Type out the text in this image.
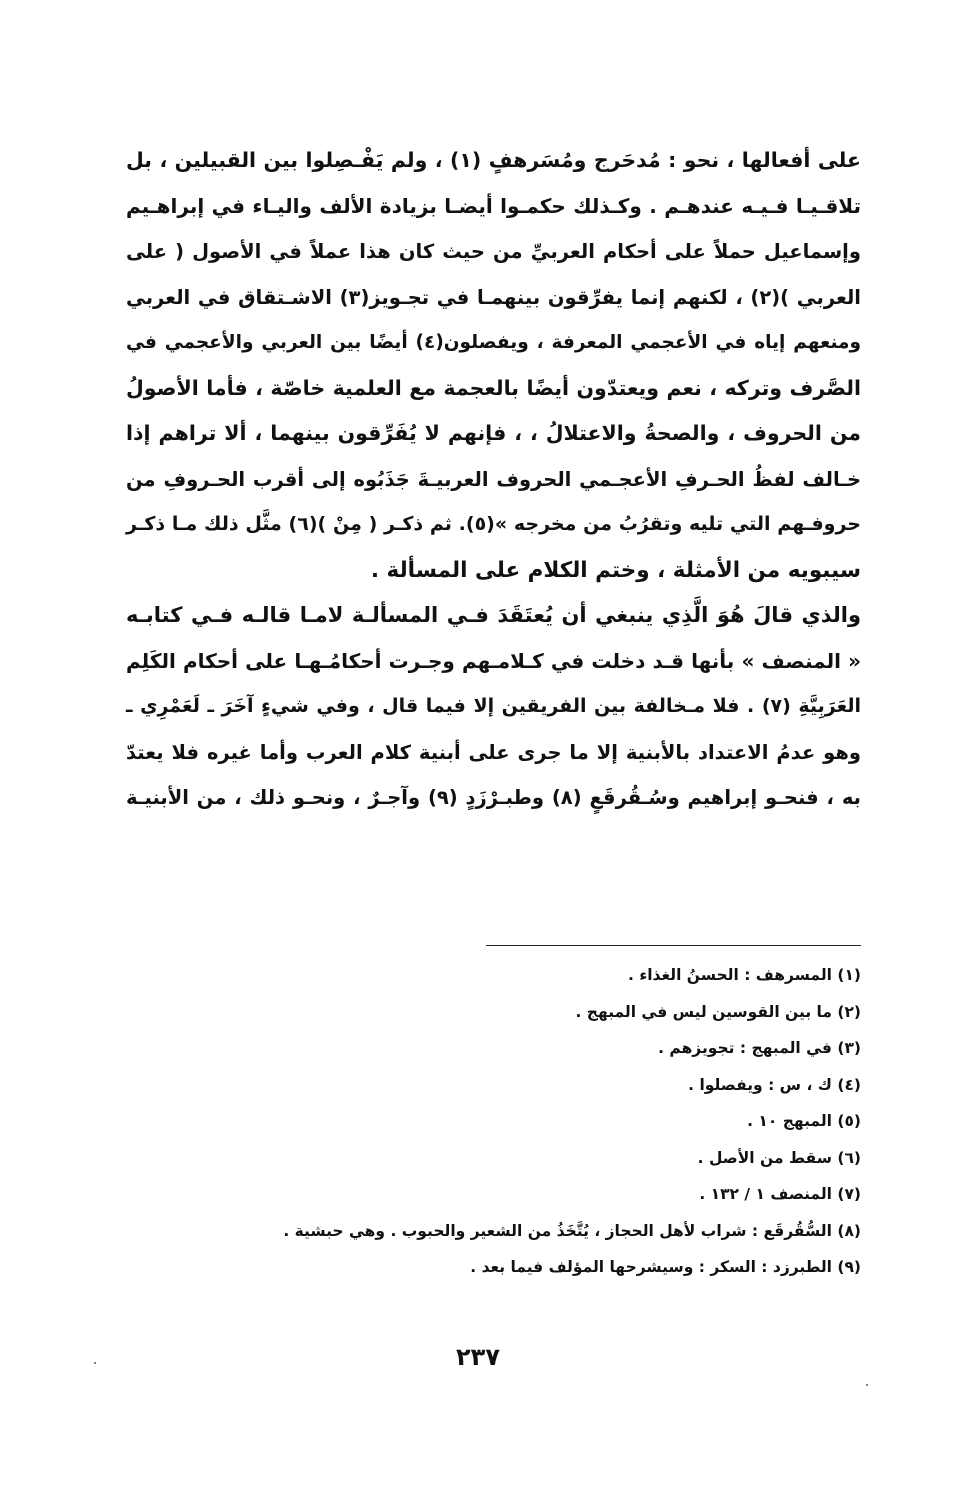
على أفعالها ، نحو : مُدحَرج ومُسَرهفٍ (١) ، ولم يَفْـصِلوا بين القبيلين ، بل
تلاقـيـا فـيـه عندهـم . وكـذلك حكمـوا أيضـا بزيادة الألف واليـاء في إبراهـيم
وإسماعيل حملاً على أحكام العربيِّ من حيث كان هذا عملاً في الأصول ( على
العربي )(٢) ، لكنهم إنما يفرِّقون بينهمـا في تجـويز(٣) الاشـتقاق في العربي
ومنعهم إياه في الأعجمي المعرفة ، ويفصلون(٤) أيضًا بين العربي والأعجمي في
الصَّرف وتركه ، نعم ويعتدّون أيضًا بالعجمة مع العلمية خاصّة ، فأما الأصولُ
من الحروف ، والصحةُ والاعتلالُ ، ، فإنهم لا يُفَرِّقون بينهما ، ألا تراهم إذا
خـالف لفظُ الحـرفِ الأعجـمي الحروف العربيـةَ جَذَبُوه إلى أقرب الحـروفِ من
حروفـهم التي تليه وتقرُبُ من مخرجه »(٥). ثم ذكـر ( مِنْ )(٦) مثَّل ذلك مـا ذكـر
سيبويه من الأمثلة ، وختم الكلام على المسألة .
والذي قالَ هُوَ الَّذِي ينبغي أن يُعتَقَدَ فـي المسألـة لامـا قالـه فـي كتابـه
« المنصف » بأنها قـد دخلت في كـلامـهم وجـرت أحكامُـهـا على أحكام الكَلِم
العَرَبِيَّةِ (٧) . فلا مـخالفة بين الفريقين إلا فيما قال ، وفي شيءٍ آخَرَ ـ لَعَمْرِي ـ
وهو عدمُ الاعتداد بالأبنية إلا ما جرى على أبنية كلام العرب وأما غيره فلا يعتدّ
به ، فنحـو إبراهيم وسُـقُرقَعٍ (٨) وطبـرْزَدٍ (٩) وآجـرٌ ، ونحـو ذلك ، من الأبنيـة
(١) المسرهف : الحسنُ الغذاء .
(٢) ما بين القوسين ليس في المبهج .
(٣) في المبهج : تجويزهم .
(٤) ك ، س : ويفصلوا .
(٥) المبهج ١٠ .
(٦) سقط من الأصل .
(٧) المنصف ١ / ١٣٢ .
(٨) السُّقُرقَع : شراب لأهل الحجاز ، يُتَّخَذُ من الشعير والحبوب . وهي حبشية .
(٩) الطبرزد : السكر : وسيشرحها المؤلف فيما بعد .
٢٣٧
